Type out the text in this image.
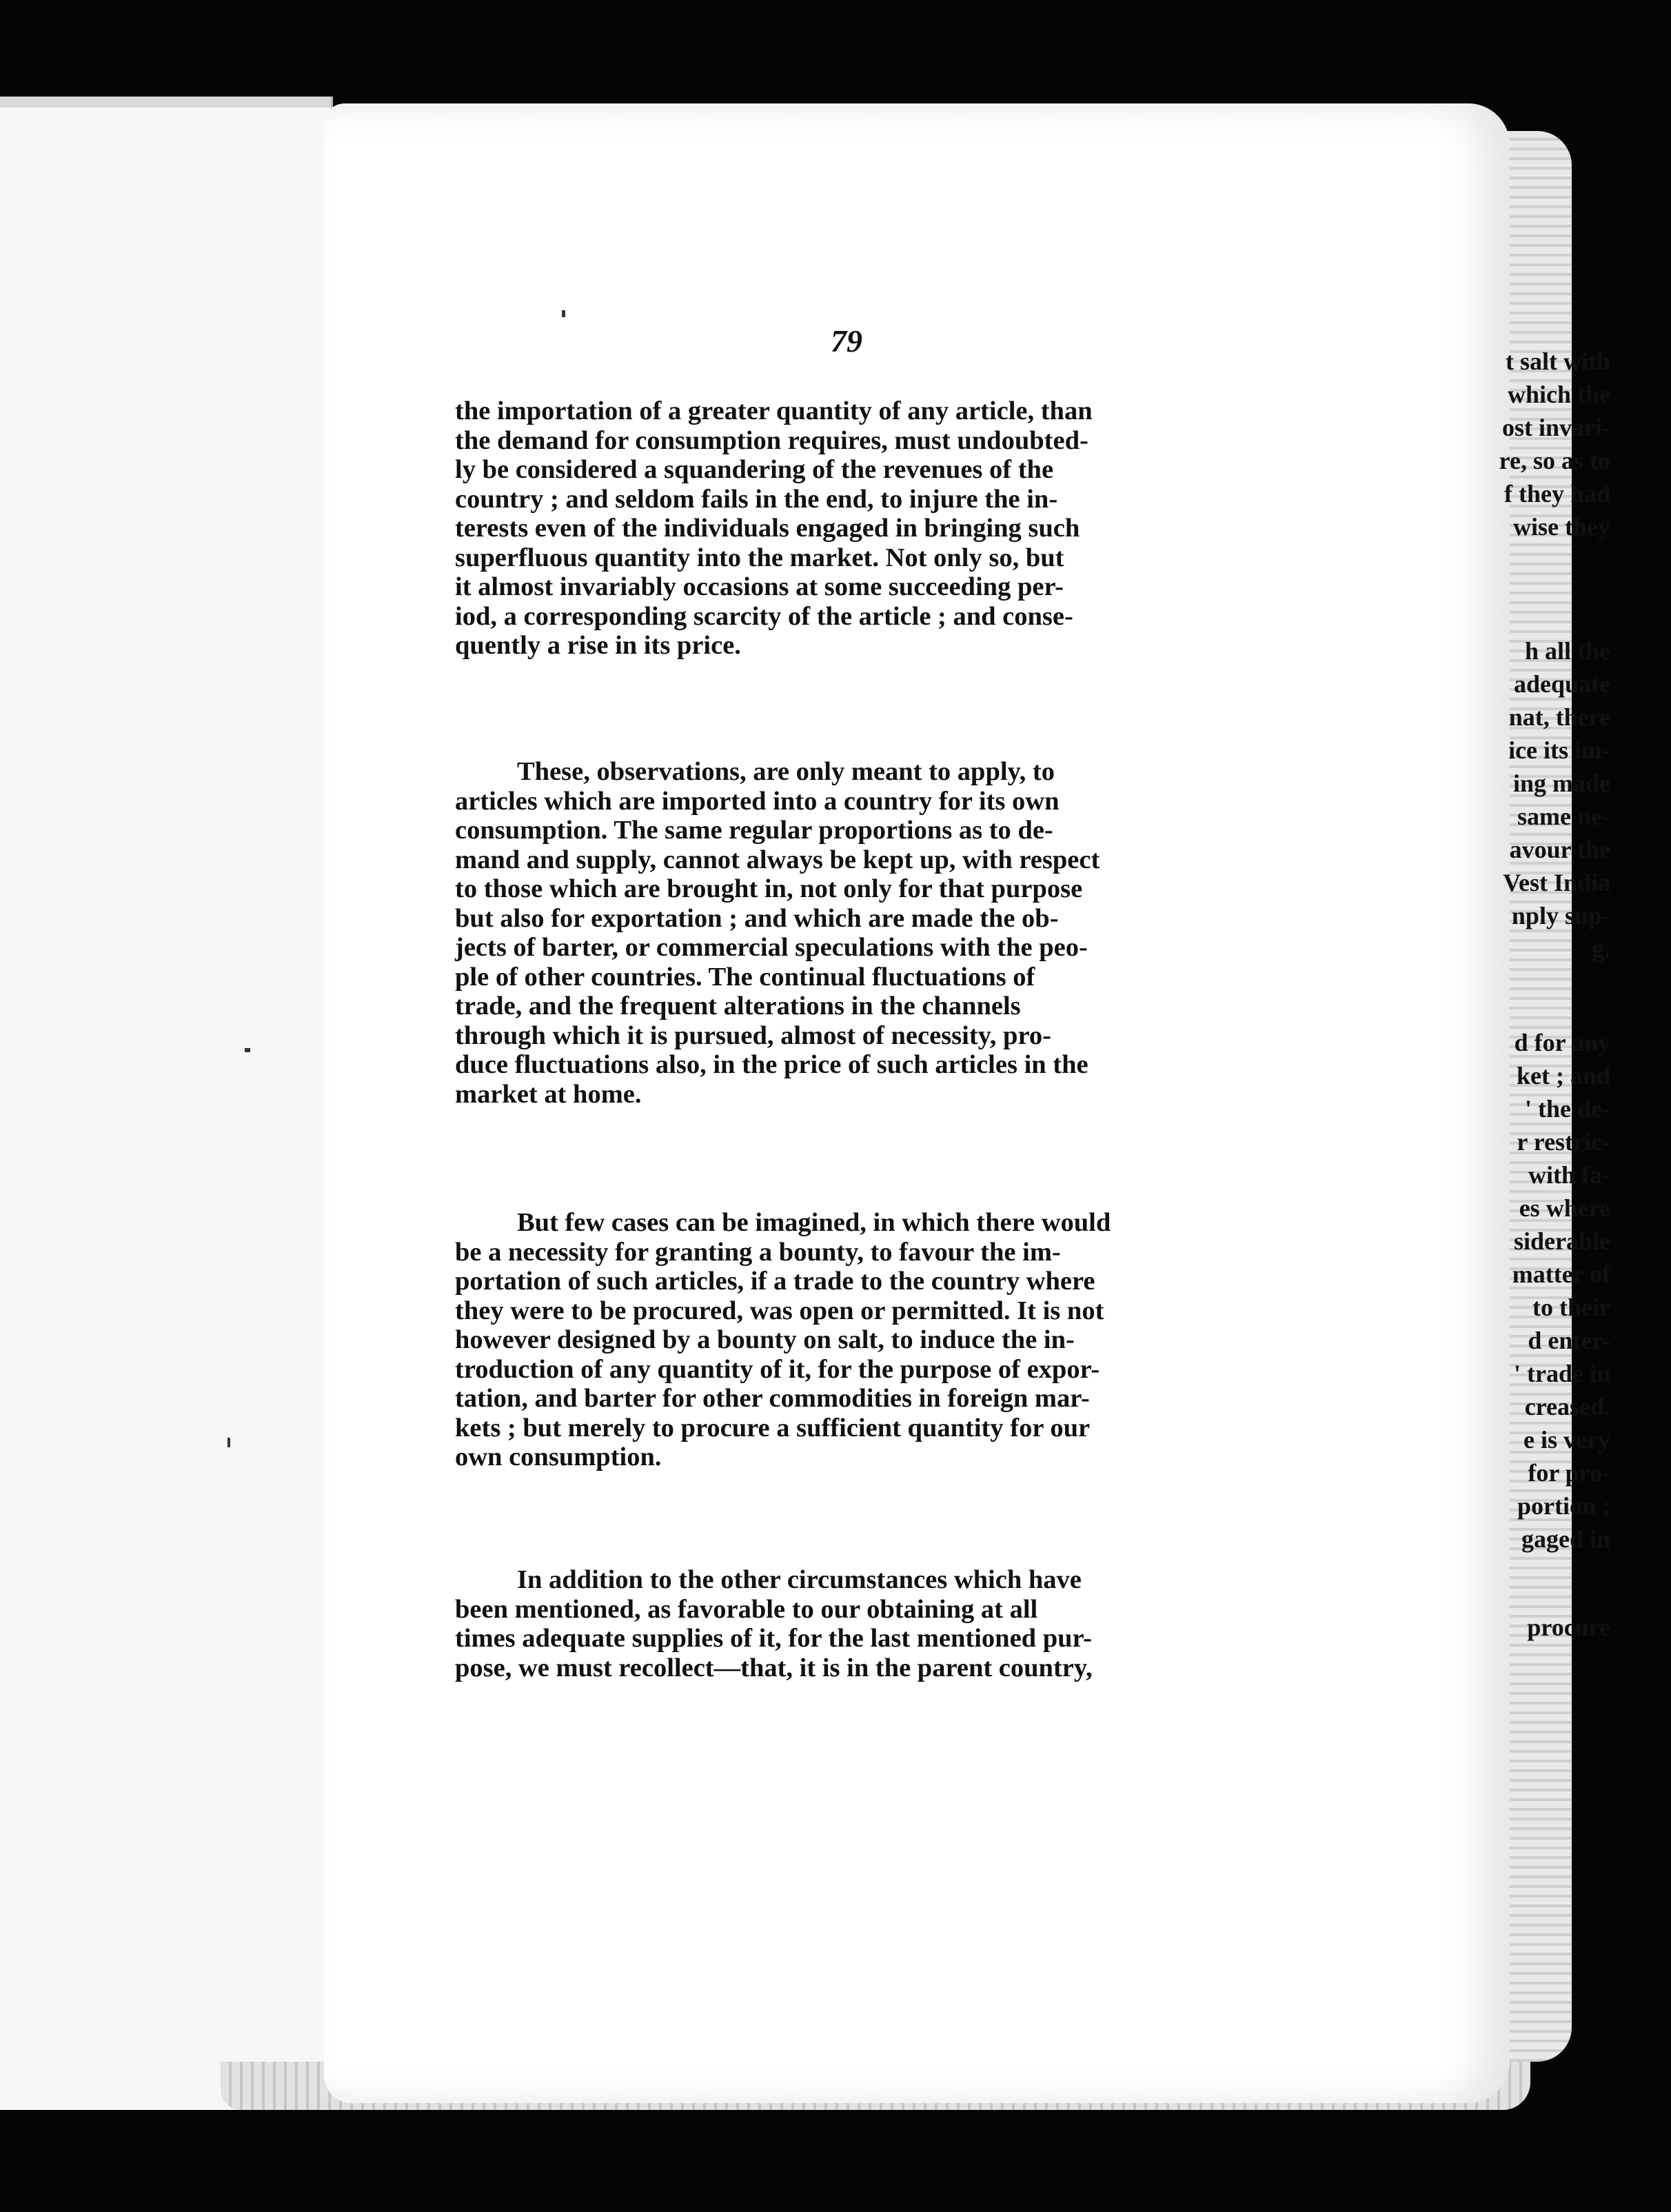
t salt with

which the

ost invari-

re, so as to

f they had

wise they

h all the

adequate

nat, there

ice its im-

ing made

same ne-

avour the

Vest India

nply sup-

g.

d for any

ket ; and

' the de-

r restric-

with fa-

es where

siderable

matter of

to their

d enter-

' trade in

creased.

e is very

for pro-

portion ;

gaged in

procure

79

the importation of a greater quantity of any article, than
the demand for consumption requires, must undoubted-
ly be considered a squandering of the revenues of the
country ; and seldom fails in the end, to injure the in-
terests even of the individuals engaged in bringing such
superfluous quantity into the market. Not only so, but
it almost invariably occasions at some succeeding per-
iod, a corresponding scarcity of the article ; and conse-
quently a rise in its price.

These, observations, are only meant to apply, to
articles which are imported into a country for its own
consumption. The same regular proportions as to de-
mand and supply, cannot always be kept up, with respect
to those which are brought in, not only for that purpose
but also for exportation ; and which are made the ob-
jects of barter, or commercial speculations with the peo-
ple of other countries. The continual fluctuations of
trade, and the frequent alterations in the channels
through which it is pursued, almost of necessity, pro-
duce fluctuations also, in the price of such articles in the
market at home.

But few cases can be imagined, in which there would
be a necessity for granting a bounty, to favour the im-
portation of such articles, if a trade to the country where
they were to be procured, was open or permitted. It is not
however designed by a bounty on salt, to induce the in-
troduction of any quantity of it, for the purpose of expor-
tation, and barter for other commodities in foreign mar-
kets ; but merely to procure a sufficient quantity for our
own consumption.

In addition to the other circumstances which have
been mentioned, as favorable to our obtaining at all
times adequate supplies of it, for the last mentioned pur-
pose, we must recollect—that, it is in the parent country,
